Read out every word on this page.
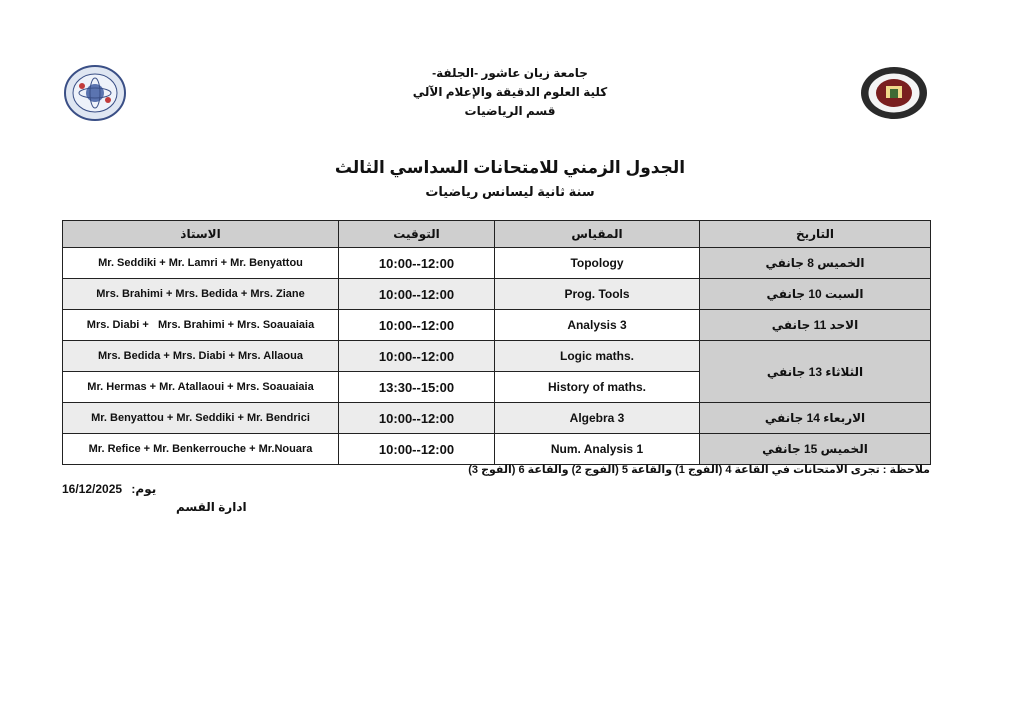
جامعة زيان عاشور -الجلفة-
كلية العلوم الدقيقة والإعلام الآلي
قسم الرياضيات
الجدول الزمني للامتحانات السداسي الثالث
سنة ثانية ليسانس رياضيات
الاستاذ	التوقيت	المقياس	التاريخ
Mr. Seddiki + Mr. Lamri + Mr. Benyattou	10:00--12:00	Topology	الخميس 8 جانفي
Mrs. Brahimi + Mrs. Bedida + Mrs. Ziane	10:00--12:00	Prog. Tools	السبت 10 جانفي
Mrs. Diabi +   Mrs. Brahimi + Mrs. Soauaiaia	10:00--12:00	Analysis 3	الاحد 11 جانفي
Mrs. Bedida + Mrs. Diabi + Mrs. Allaoua	10:00--12:00	Logic maths.	الثلاثاء 13 جانفي
Mr. Hermas + Mr. Atallaoui + Mrs. Soauaiaia	13:30--15:00	History of maths.	
Mr. Benyattou + Mr. Seddiki + Mr. Bendrici	10:00--12:00	Algebra 3	الاربعاء 14 جانفي
Mr. Refice + Mr. Benkerrouche + Mr.Nouara	10:00--12:00	Num. Analysis 1	الخميس 15 جانفي
ملاحظة : تجرى الامتحانات في القاعة 4 (الفوج 1) والقاعة 5 (الفوج 2) والقاعة 6 (الفوج 3)
16/12/2025 يوم:
ادارة القسم
